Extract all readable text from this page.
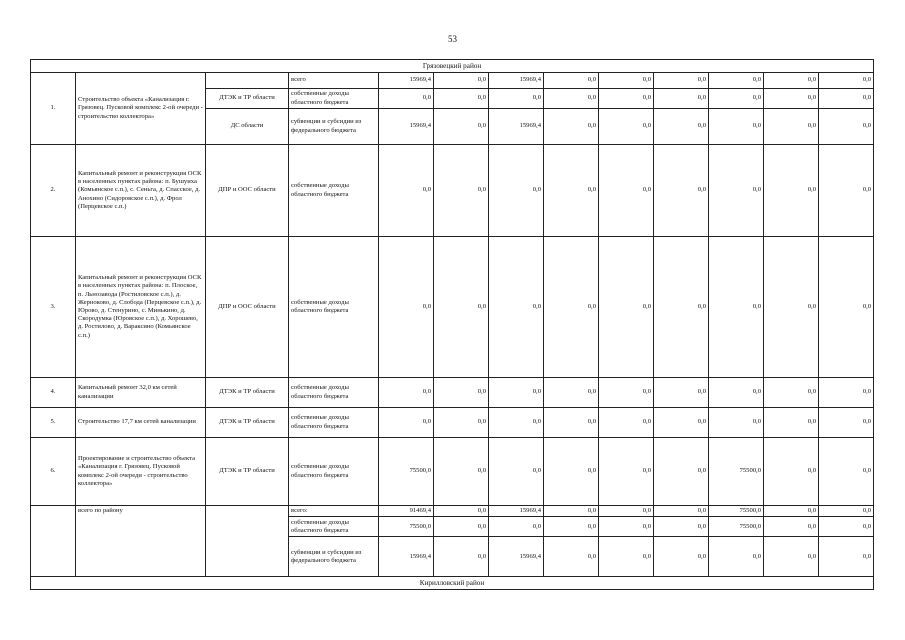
53
Грязовецкий район												
1.	Строительство объекта «Канализация г. Грязовец. Пусковой комплекс 2-ой очереди - строительство коллектора»		всего	15969,4	0,0	15969,4	0,0	0,0	0,0	0,0	0,0	0,0
		ДТЭК и ТР области	собственные доходы областного бюджета	0,0	0,0	0,0	0,0	0,0	0,0	0,0	0,0	0,0
		ДС области	субвенции и субсидии из федерального бюджета	15969,4	0,0	15969,4	0,0	0,0	0,0	0,0	0,0	0,0
2.	Капитальный ремонт и реконструкция ОСК в населенных пунктах района: п. Бушуиха (Комьянское с.п.), с. Сеньга, д. Спасское, д. Анохино (Сидоровское с.п.), д. Фрол (Перцевское с.п.)	ДПР и ООС области	собственные доходы областного бюджета	0,0	0,0	0,0	0,0	0,0	0,0	0,0	0,0	0,0
3.	Капитальный ремонт и реконструкция ОСК в населенных пунктах района: п. Плоское, п. Льнозавода (Ростиловское с.п.), д. Жерноково, д. Слобода (Перцевское с.п.), д. Юрово, д. Стенурино, с. Минькино, д. Скородумка (Юровское с.п.), д. Хорошево, д. Ростилово, д. Вараксино (Комьянское с.п.)	ДПР и ООС области	собственные доходы областного бюджета	0,0	0,0	0,0	0,0	0,0	0,0	0,0	0,0	0,0
4.	Капитальный ремонт 32,0 км сетей канализации	ДТЭК и ТР области	собственные доходы областного бюджета	0,0	0,0	0,0	0,0	0,0	0,0	0,0	0,0	0,0
5.	Строительство 17,7 км сетей канализации	ДТЭК и ТР области	собственные доходы областного бюджета	0,0	0,0	0,0	0,0	0,0	0,0	0,0	0,0	0,0
6.	Проектирование и строительство объекта «Канализация г. Грязовец. Пусковой комплекс 2-ой очереди - строительство коллектора»	ДТЭК и ТР области	собственные доходы областного бюджета	75500,0	0,0	0,0	0,0	0,0	0,0	75500,0	0,0	0,0
	всего по району		всего:	91469,4	0,0	15969,4	0,0	0,0	0,0	75500,0	0,0	0,0
			собственные доходы областного бюджета	75500,0	0,0	0,0	0,0	0,0	0,0	75500,0	0,0	0,0
			субвенции и субсидии из федерального бюджета	15969,4	0,0	15969,4	0,0	0,0	0,0	0,0	0,0	0,0
Кирилловский район												
